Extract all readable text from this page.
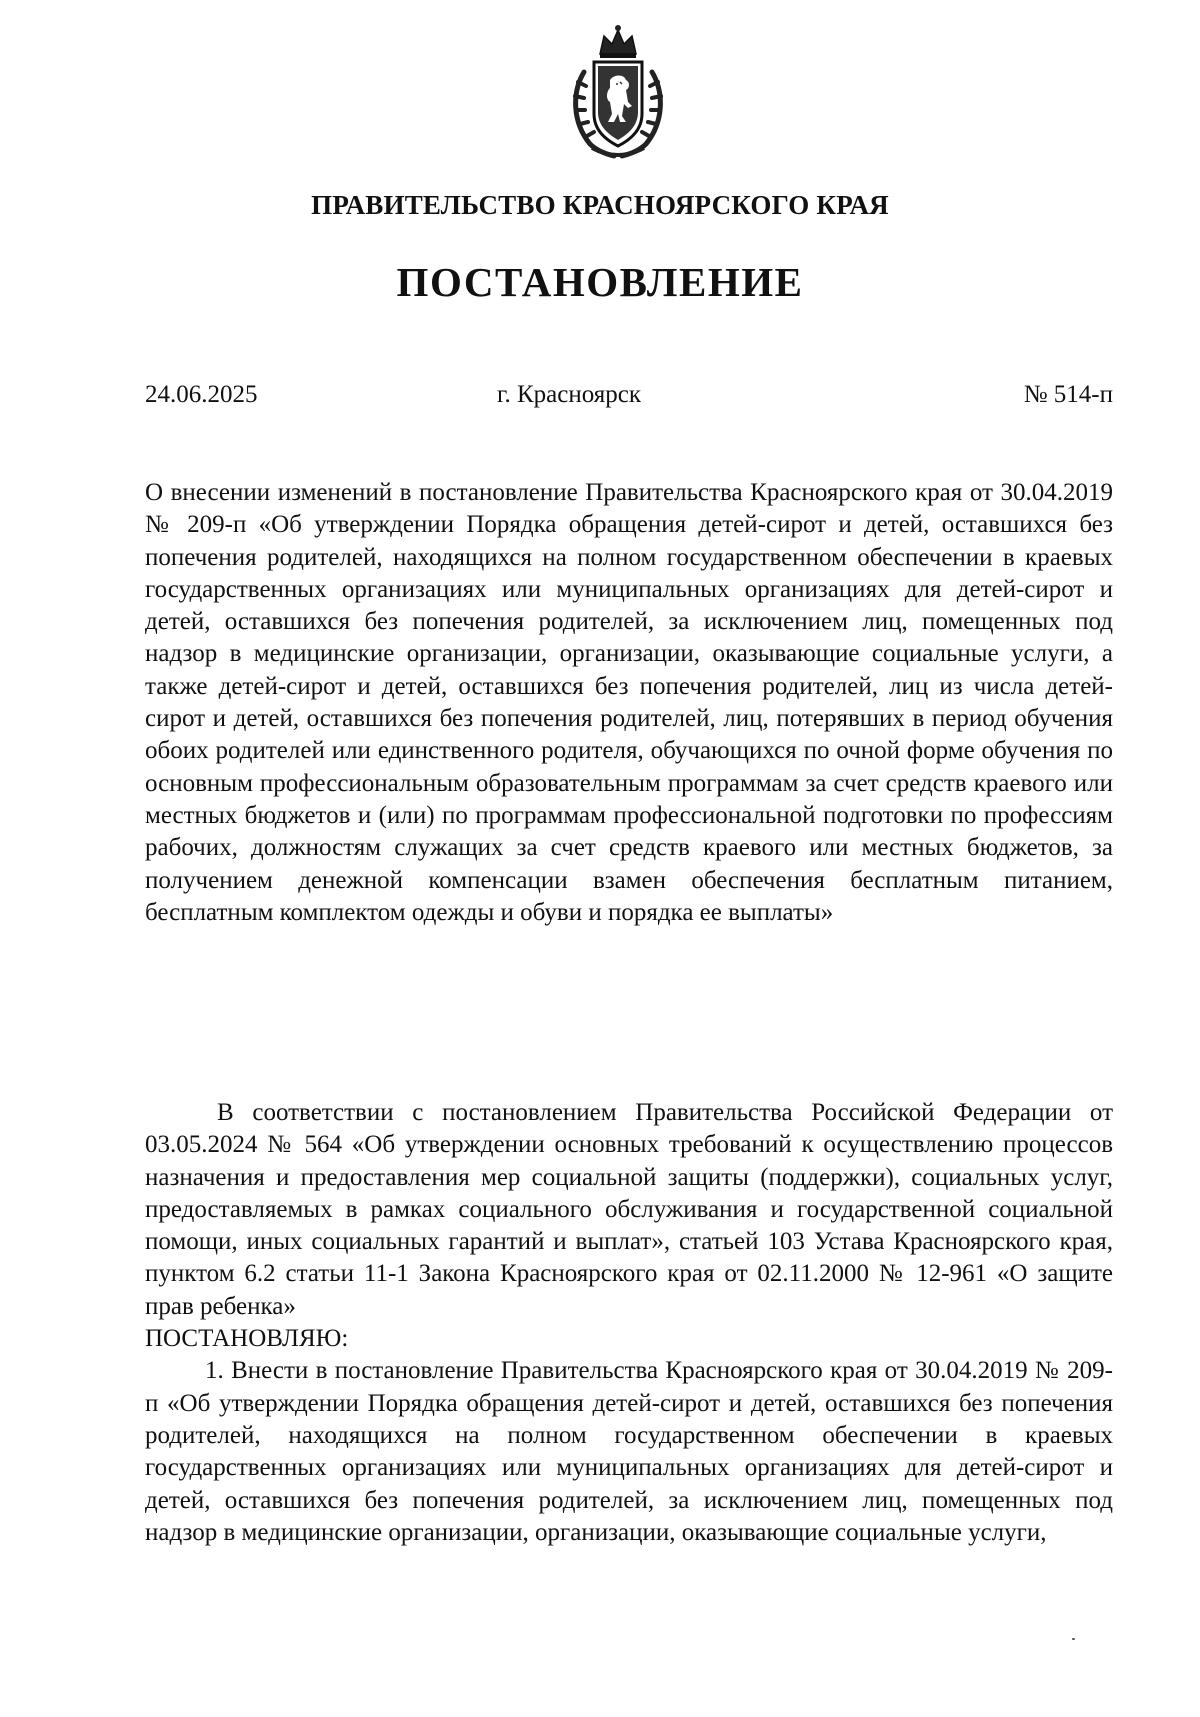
ПРАВИТЕЛЬСТВО КРАСНОЯРСКОГО КРАЯ
ПОСТАНОВЛЕНИЕ
24.06.2025	г. Красноярск	№ 514-п
О внесении изменений в постановление Правительства Красноярского края от 30.04.2019 № 209-п «Об утверждении Порядка обращения детей-сирот и детей, оставшихся без попечения родителей, находящихся на полном государственном обеспечении в краевых государственных организациях или муниципальных организациях для детей-сирот и детей, оставшихся без попечения родителей, за исключением лиц, помещенных под надзор в медицинские организации, организации, оказывающие социальные услуги, а также детей-сирот и детей, оставшихся без попечения родителей, лиц из числа детей-сирот и детей, оставшихся без попечения родителей, лиц, потерявших в период обучения обоих родителей или единственного родителя, обучающихся по очной форме обучения по основным профессиональным образовательным программам за счет средств краевого или местных бюджетов и (или) по программам профессиональной подготовки по профессиям рабочих, должностям служащих за счет средств краевого или местных бюджетов, за получением денежной компенсации взамен обеспечения бесплатным питанием, бесплатным комплектом одежды и обуви и порядка ее выплаты»

В соответствии с постановлением Правительства Российской Федерации от 03.05.2024 № 564 «Об утверждении основных требований к осуществлению процессов назначения и предоставления мер социальной защиты (поддержки), социальных услуг, предоставляемых в рамках социального обслуживания и государственной социальной помощи, иных социальных гарантий и выплат», статьей 103 Устава Красноярского края, пунктом 6.2 статьи 11-1 Закона Красноярского края от 02.11.2000 № 12-961 «О защите прав ребенка»

ПОСТАНОВЛЯЮ:

1. Внести в постановление Правительства Красноярского края от 30.04.2019 № 209-п «Об утверждении Порядка обращения детей-сирот и детей, оставшихся без попечения родителей, находящихся на полном государственном обеспечении в краевых государственных организациях или муниципальных организациях для детей-сирот и детей, оставшихся без попечения родителей, за исключением лиц, помещенных под надзор в медицинские организации, организации, оказывающие социальные услуги,
